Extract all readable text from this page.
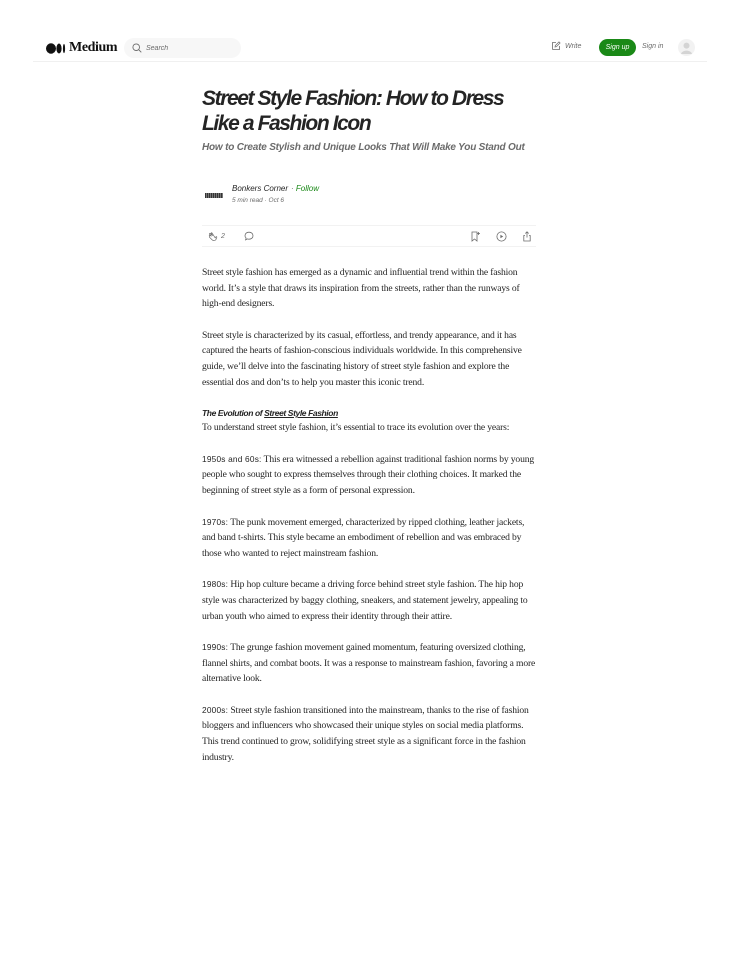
Medium
Search	Write	Sign up	Sign in
Street Style Fashion: How to Dress Like a Fashion Icon
How to Create Stylish and Unique Looks That Will Make You Stand Out
Bonkers Corner · Follow
5 min read · Oct 6
2

Street style fashion has emerged as a dynamic and influential trend within the fashion world. It’s a style that draws its inspiration from the streets, rather than the runways of high-end designers.

Street style is characterized by its casual, effortless, and trendy appearance, and it has captured the hearts of fashion-conscious individuals worldwide. In this comprehensive guide, we’ll delve into the fascinating history of street style fashion and explore the essential dos and don’ts to help you master this iconic trend.

The Evolution of Street Style Fashion

To understand street style fashion, it’s essential to trace its evolution over the years:

1950s and 60s: This era witnessed a rebellion against traditional fashion norms by young people who sought to express themselves through their clothing choices. It marked the beginning of street style as a form of personal expression.

1970s: The punk movement emerged, characterized by ripped clothing, leather jackets, and band t-shirts. This style became an embodiment of rebellion and was embraced by those who wanted to reject mainstream fashion.

1980s: Hip hop culture became a driving force behind street style fashion. The hip hop style was characterized by baggy clothing, sneakers, and statement jewelry, appealing to urban youth who aimed to express their identity through their attire.

1990s: The grunge fashion movement gained momentum, featuring oversized clothing, flannel shirts, and combat boots. It was a response to mainstream fashion, favoring a more alternative look.

2000s: Street style fashion transitioned into the mainstream, thanks to the rise of fashion bloggers and influencers who showcased their unique styles on social media platforms. This trend continued to grow, solidifying street style as a significant force in the fashion industry.
